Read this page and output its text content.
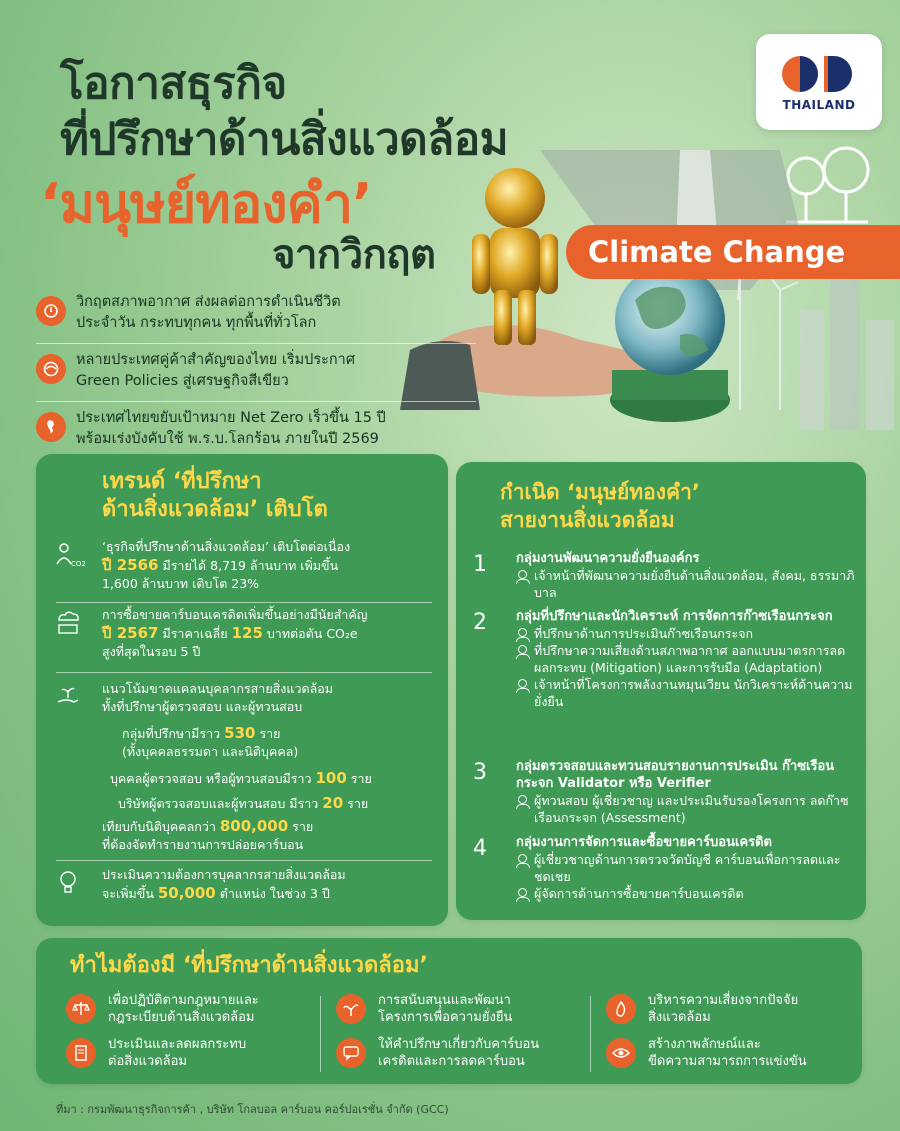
โอกาสธุรกิจ
ที่ปรึกษาด้านสิ่งแวดล้อม
‘มนุษย์ทองคำ’
จากวิกฤต
THAILAND
Climate Change
วิกฤตสภาพอากาศ ส่งผลต่อการดำเนินชีวิต
ประจำวัน กระทบทุกคน ทุกพื้นที่ทั่วโลก
หลายประเทศคู่ค้าสำคัญของไทย เริ่มประกาศ
Green Policies สู่เศรษฐกิจสีเขียว
ประเทศไทยขยับเป้าหมาย Net Zero เร็วขึ้น 15 ปี
พร้อมเร่งบังคับใช้ พ.ร.บ.โลกร้อน ภายในปี 2569
เทรนด์ ‘ที่ปรึกษา
ด้านสิ่งแวดล้อม’ เติบโต
CO2
‘ธุรกิจที่ปรึกษาด้านสิ่งแวดล้อม’ เติบโตต่อเนื่อง
ปี 2566 มีรายได้ 8,719 ล้านบาท เพิ่มขึ้น
1,600 ล้านบาท เติบโต 23%
การซื้อขายคาร์บอนเครดิตเพิ่มขึ้นอย่างมีนัยสำคัญ
ปี 2567 มีราคาเฉลี่ย 125 บาทต่อตัน CO₂e
สูงที่สุดในรอบ 5 ปี
แนวโน้มขาดแคลนบุคลากรสายสิ่งแวดล้อม
ทั้งที่ปรึกษาผู้ตรวจสอบ และผู้ทวนสอบ
กลุ่มที่ปรึกษามีราว 530 ราย
(ทั้งบุคคลธรรมดา และนิติบุคคล)
บุคคลผู้ตรวจสอบ หรือผู้ทวนสอบมีราว 100 ราย
บริษัทผู้ตรวจสอบและผู้ทวนสอบ มีราว 20 ราย
เทียบกับนิติบุคคลกว่า 800,000 ราย
ที่ต้องจัดทำรายงานการปล่อยคาร์บอน
ประเมินความต้องการบุคลากรสายสิ่งแวดล้อม
จะเพิ่มขึ้น 50,000 ตำแหน่ง ในช่วง 3 ปี
กำเนิด ‘มนุษย์ทองคำ’
สายงานสิ่งแวดล้อม
1	กลุ่มงานพัฒนาความยั่งยืนองค์กร
เจ้าหน้าที่พัฒนาความยั่งยืนด้านสิ่งแวดล้อม, สังคม, ธรรมาภิบาล
2	กลุ่มที่ปรึกษาและนักวิเคราะห์ การจัดการก๊าซเรือนกระจก
ที่ปรึกษาด้านการประเมินก๊าซเรือนกระจก
ที่ปรึกษาความเสี่ยงด้านสภาพอากาศ ออกแบบมาตรการลดผลกระทบ (Mitigation) และการรับมือ (Adaptation)
เจ้าหน้าที่โครงการพลังงานหมุนเวียน นักวิเคราะห์ด้านความยั่งยืน
3	กลุ่มตรวจสอบและทวนสอบรายงานการประเมิน ก๊าซเรือนกระจก Validator หรือ Verifier
ผู้ทวนสอบ ผู้เชี่ยวชาญ และประเมินรับรองโครงการ ลดก๊าซเรือนกระจก (Assessment)
4	กลุ่มงานการจัดการและซื้อขายคาร์บอนเครดิต
ผู้เชี่ยวชาญด้านการตรวจวัดบัญชี คาร์บอนเพื่อการลดและชดเชย
ผู้จัดการด้านการซื้อขายคาร์บอนเครดิต
ทำไมต้องมี ‘ที่ปรึกษาด้านสิ่งแวดล้อม’
เพื่อปฏิบัติตามกฎหมายและ
กฎระเบียบด้านสิ่งแวดล้อม
ประเมินและลดผลกระทบ
ต่อสิ่งแวดล้อม
การสนับสนุนและพัฒนา
โครงการเพื่อความยั่งยืน
ให้คำปรึกษาเกี่ยวกับคาร์บอน
เครดิตและการลดคาร์บอน
บริหารความเสี่ยงจากปัจจัย
สิ่งแวดล้อม
สร้างภาพลักษณ์และ
ขีดความสามารถการแข่งขัน
ที่มา : กรมพัฒนาธุรกิจการค้า , บริษัท โกลบอล คาร์บอน คอร์ปอเรชั่น จำกัด (GCC)
